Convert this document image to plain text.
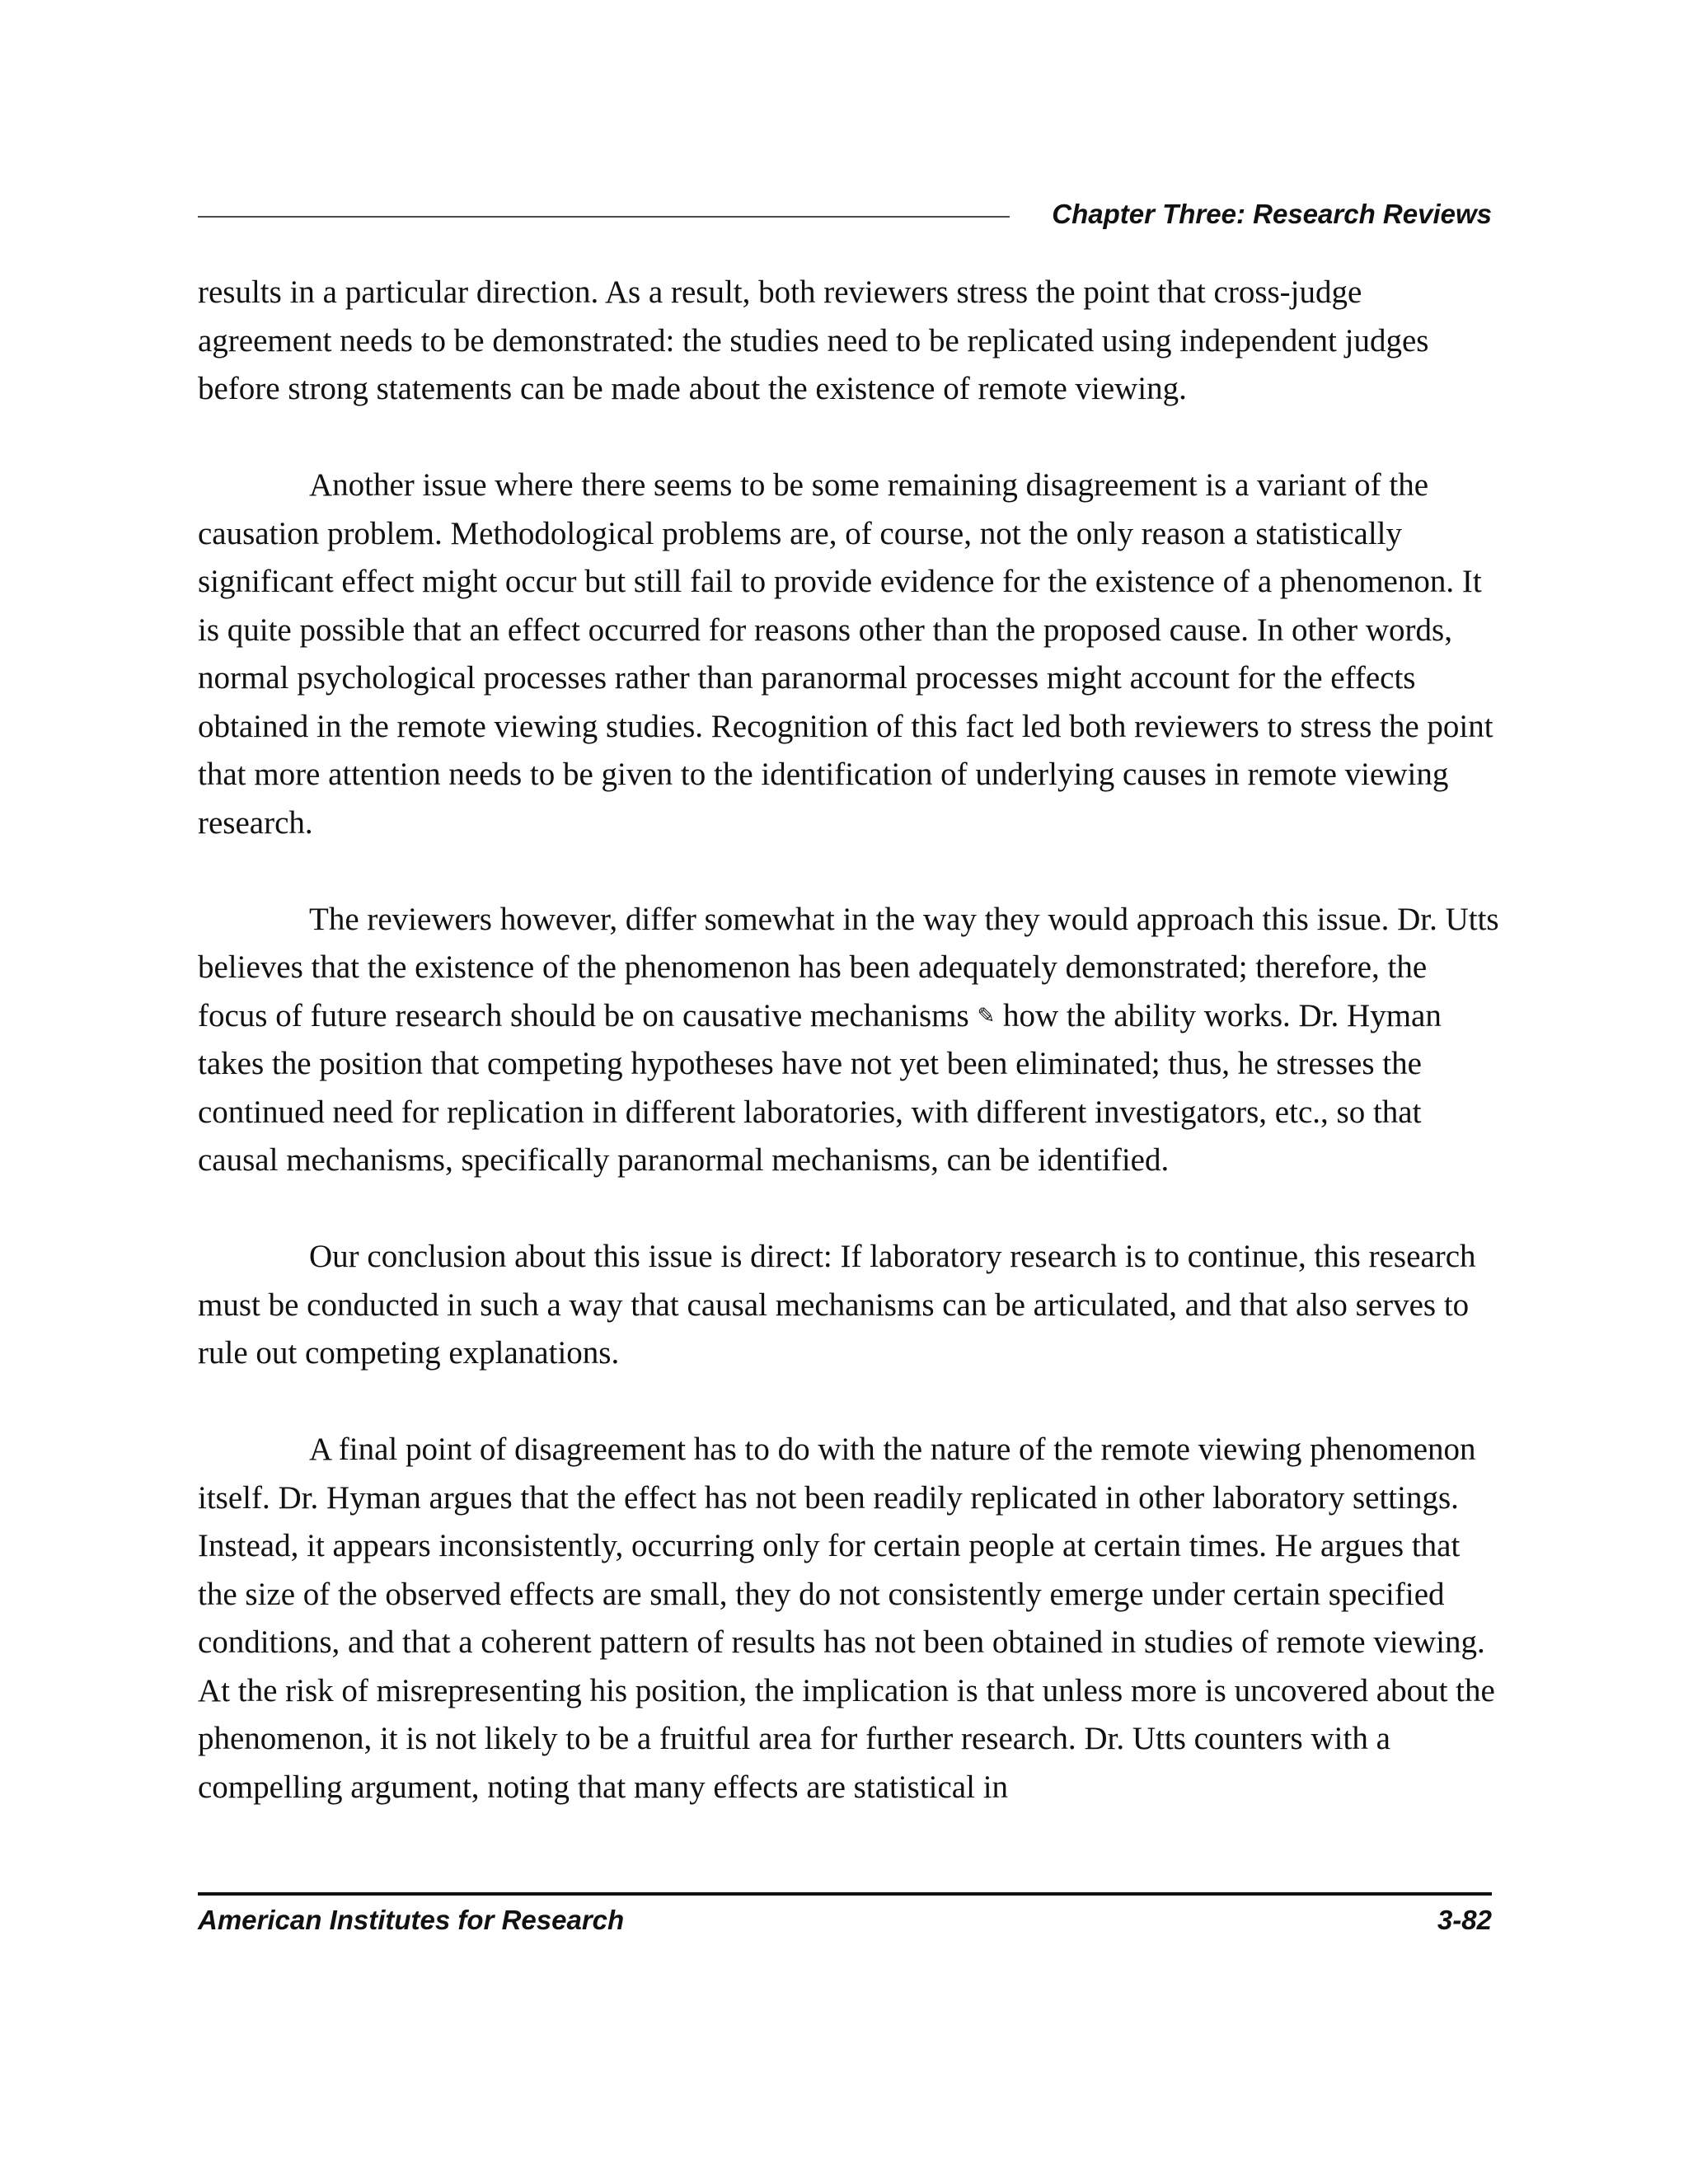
Chapter Three: Research Reviews

results in a particular direction. As a result, both reviewers stress the point that cross-judge agreement needs to be demonstrated: the studies need to be replicated using independent judges before strong statements can be made about the existence of remote viewing.

Another issue where there seems to be some remaining disagreement is a variant of the causation problem. Methodological problems are, of course, not the only reason a statistically significant effect might occur but still fail to provide evidence for the existence of a phenomenon. It is quite possible that an effect occurred for reasons other than the proposed cause. In other words, normal psychological processes rather than paranormal processes might account for the effects obtained in the remote viewing studies. Recognition of this fact led both reviewers to stress the point that more attention needs to be given to the identification of underlying causes in remote viewing research.

The reviewers however, differ somewhat in the way they would approach this issue. Dr. Utts believes that the existence of the phenomenon has been adequately demonstrated; therefore, the focus of future research should be on causative mechanisms ✎ how the ability works. Dr. Hyman takes the position that competing hypotheses have not yet been eliminated; thus, he stresses the continued need for replication in different laboratories, with different investigators, etc., so that causal mechanisms, specifically paranormal mechanisms, can be identified.

Our conclusion about this issue is direct: If laboratory research is to continue, this research must be conducted in such a way that causal mechanisms can be articulated, and that also serves to rule out competing explanations.

A final point of disagreement has to do with the nature of the remote viewing phenomenon itself. Dr. Hyman argues that the effect has not been readily replicated in other laboratory settings. Instead, it appears inconsistently, occurring only for certain people at certain times. He argues that the size of the observed effects are small, they do not consistently emerge under certain specified conditions, and that a coherent pattern of results has not been obtained in studies of remote viewing. At the risk of misrepresenting his position, the implication is that unless more is uncovered about the phenomenon, it is not likely to be a fruitful area for further research. Dr. Utts counters with a compelling argument, noting that many effects are statistical in

American Institutes for Research	3-82
